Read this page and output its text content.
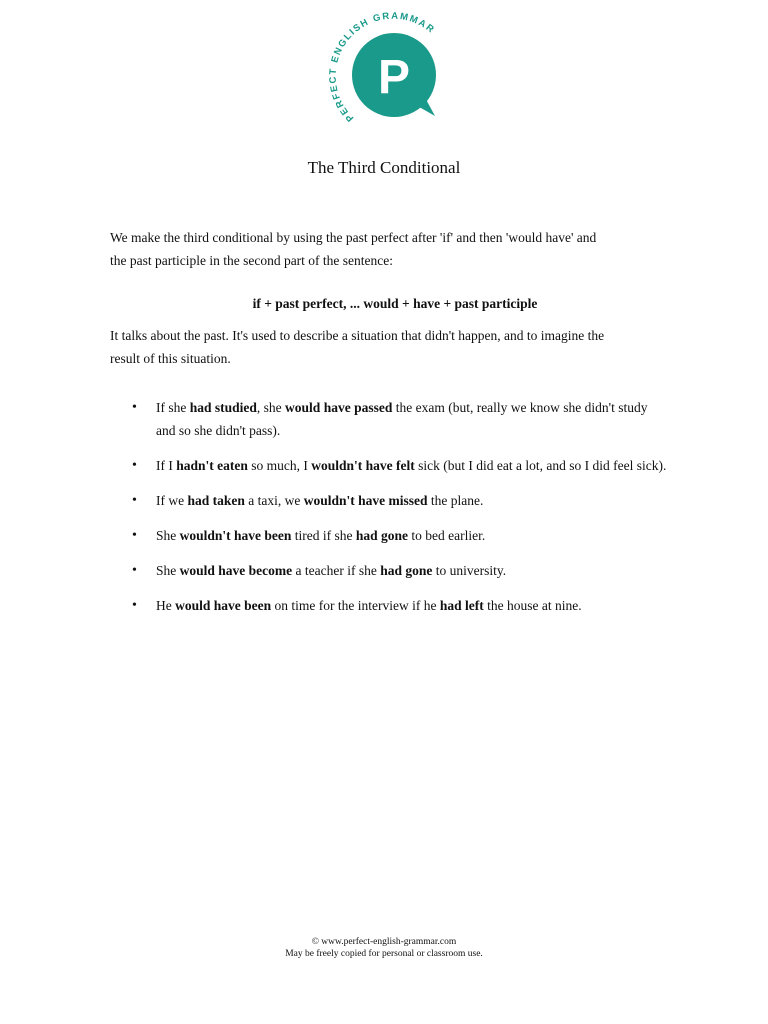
P
PERFECT ENGLISH GRAMMAR
The Third Conditional

We make the third conditional by using the past perfect after 'if' and then 'would have' and
the past participle in the second part of the sentence:

if + past perfect, ... would + have + past participle

It talks about the past. It's used to describe a situation that didn't happen, and to imagine the
result of this situation.

• If she had studied, she would have passed the exam (but, really we know she didn't study and so she didn't pass).
• If I hadn't eaten so much, I wouldn't have felt sick (but I did eat a lot, and so I did feel sick).
• If we had taken a taxi, we wouldn't have missed the plane.
• She wouldn't have been tired if she had gone to bed earlier.
• She would have become a teacher if she had gone to university.
• He would have been on time for the interview if he had left the house at nine.
© www.perfect-english-grammar.com
May be freely copied for personal or classroom use.
